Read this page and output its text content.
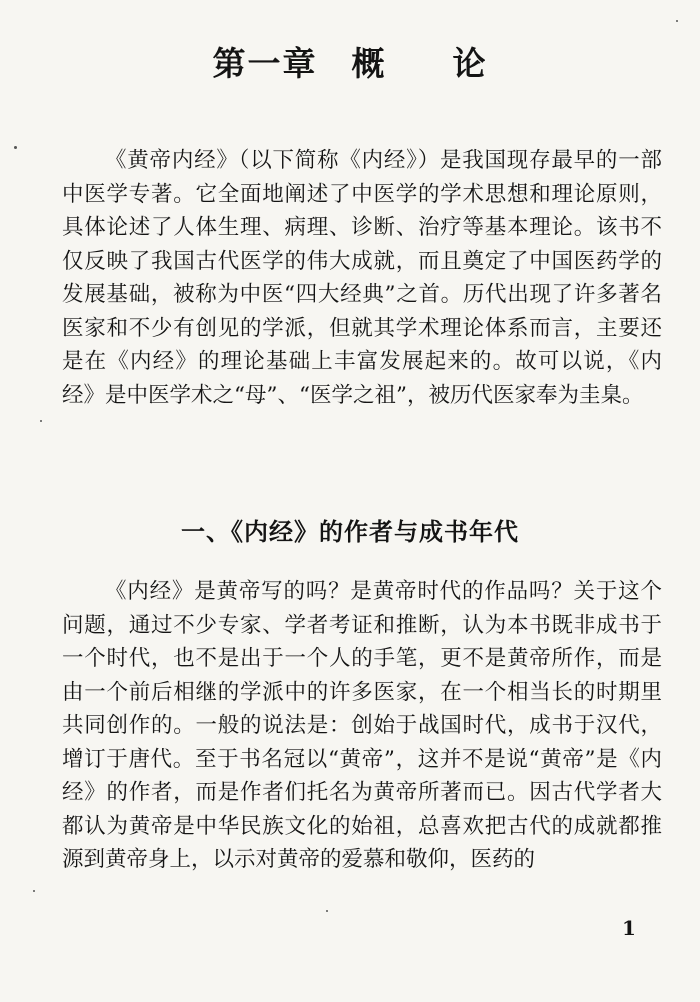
第一章 概 论

《黄帝内经》（以下简称《内经》）是我国现存最早的一部中医学专著。它全面地阐述了中医学的学术思想和理论原则，具体论述了人体生理、病理、诊断、治疗等基本理论。该书不仅反映了我国古代医学的伟大成就，而且奠定了中国医药学的发展基础，被称为中医“四大经典”之首。历代出现了许多著名医家和不少有创见的学派，但就其学术理论体系而言，主要还是在《内经》的理论基础上丰富发展起来的。故可以说，《内经》是中医学术之“母”、“医学之祖”，被历代医家奉为圭臬。

一、《内经》的作者与成书年代

《内经》是黄帝写的吗？是黄帝时代的作品吗？关于这个问题，通过不少专家、学者考证和推断，认为本书既非成书于一个时代，也不是出于一个人的手笔，更不是黄帝所作，而是由一个前后相继的学派中的许多医家，在一个相当长的时期里共同创作的。一般的说法是：创始于战国时代，成书于汉代，增订于唐代。至于书名冠以“黄帝”，这并不是说“黄帝”是《内经》的作者，而是作者们托名为黄帝所著而已。因古代学者大都认为黄帝是中华民族文化的始祖，总喜欢把古代的成就都推源到黄帝身上，以示对黄帝的爱慕和敬仰，医药的

1
